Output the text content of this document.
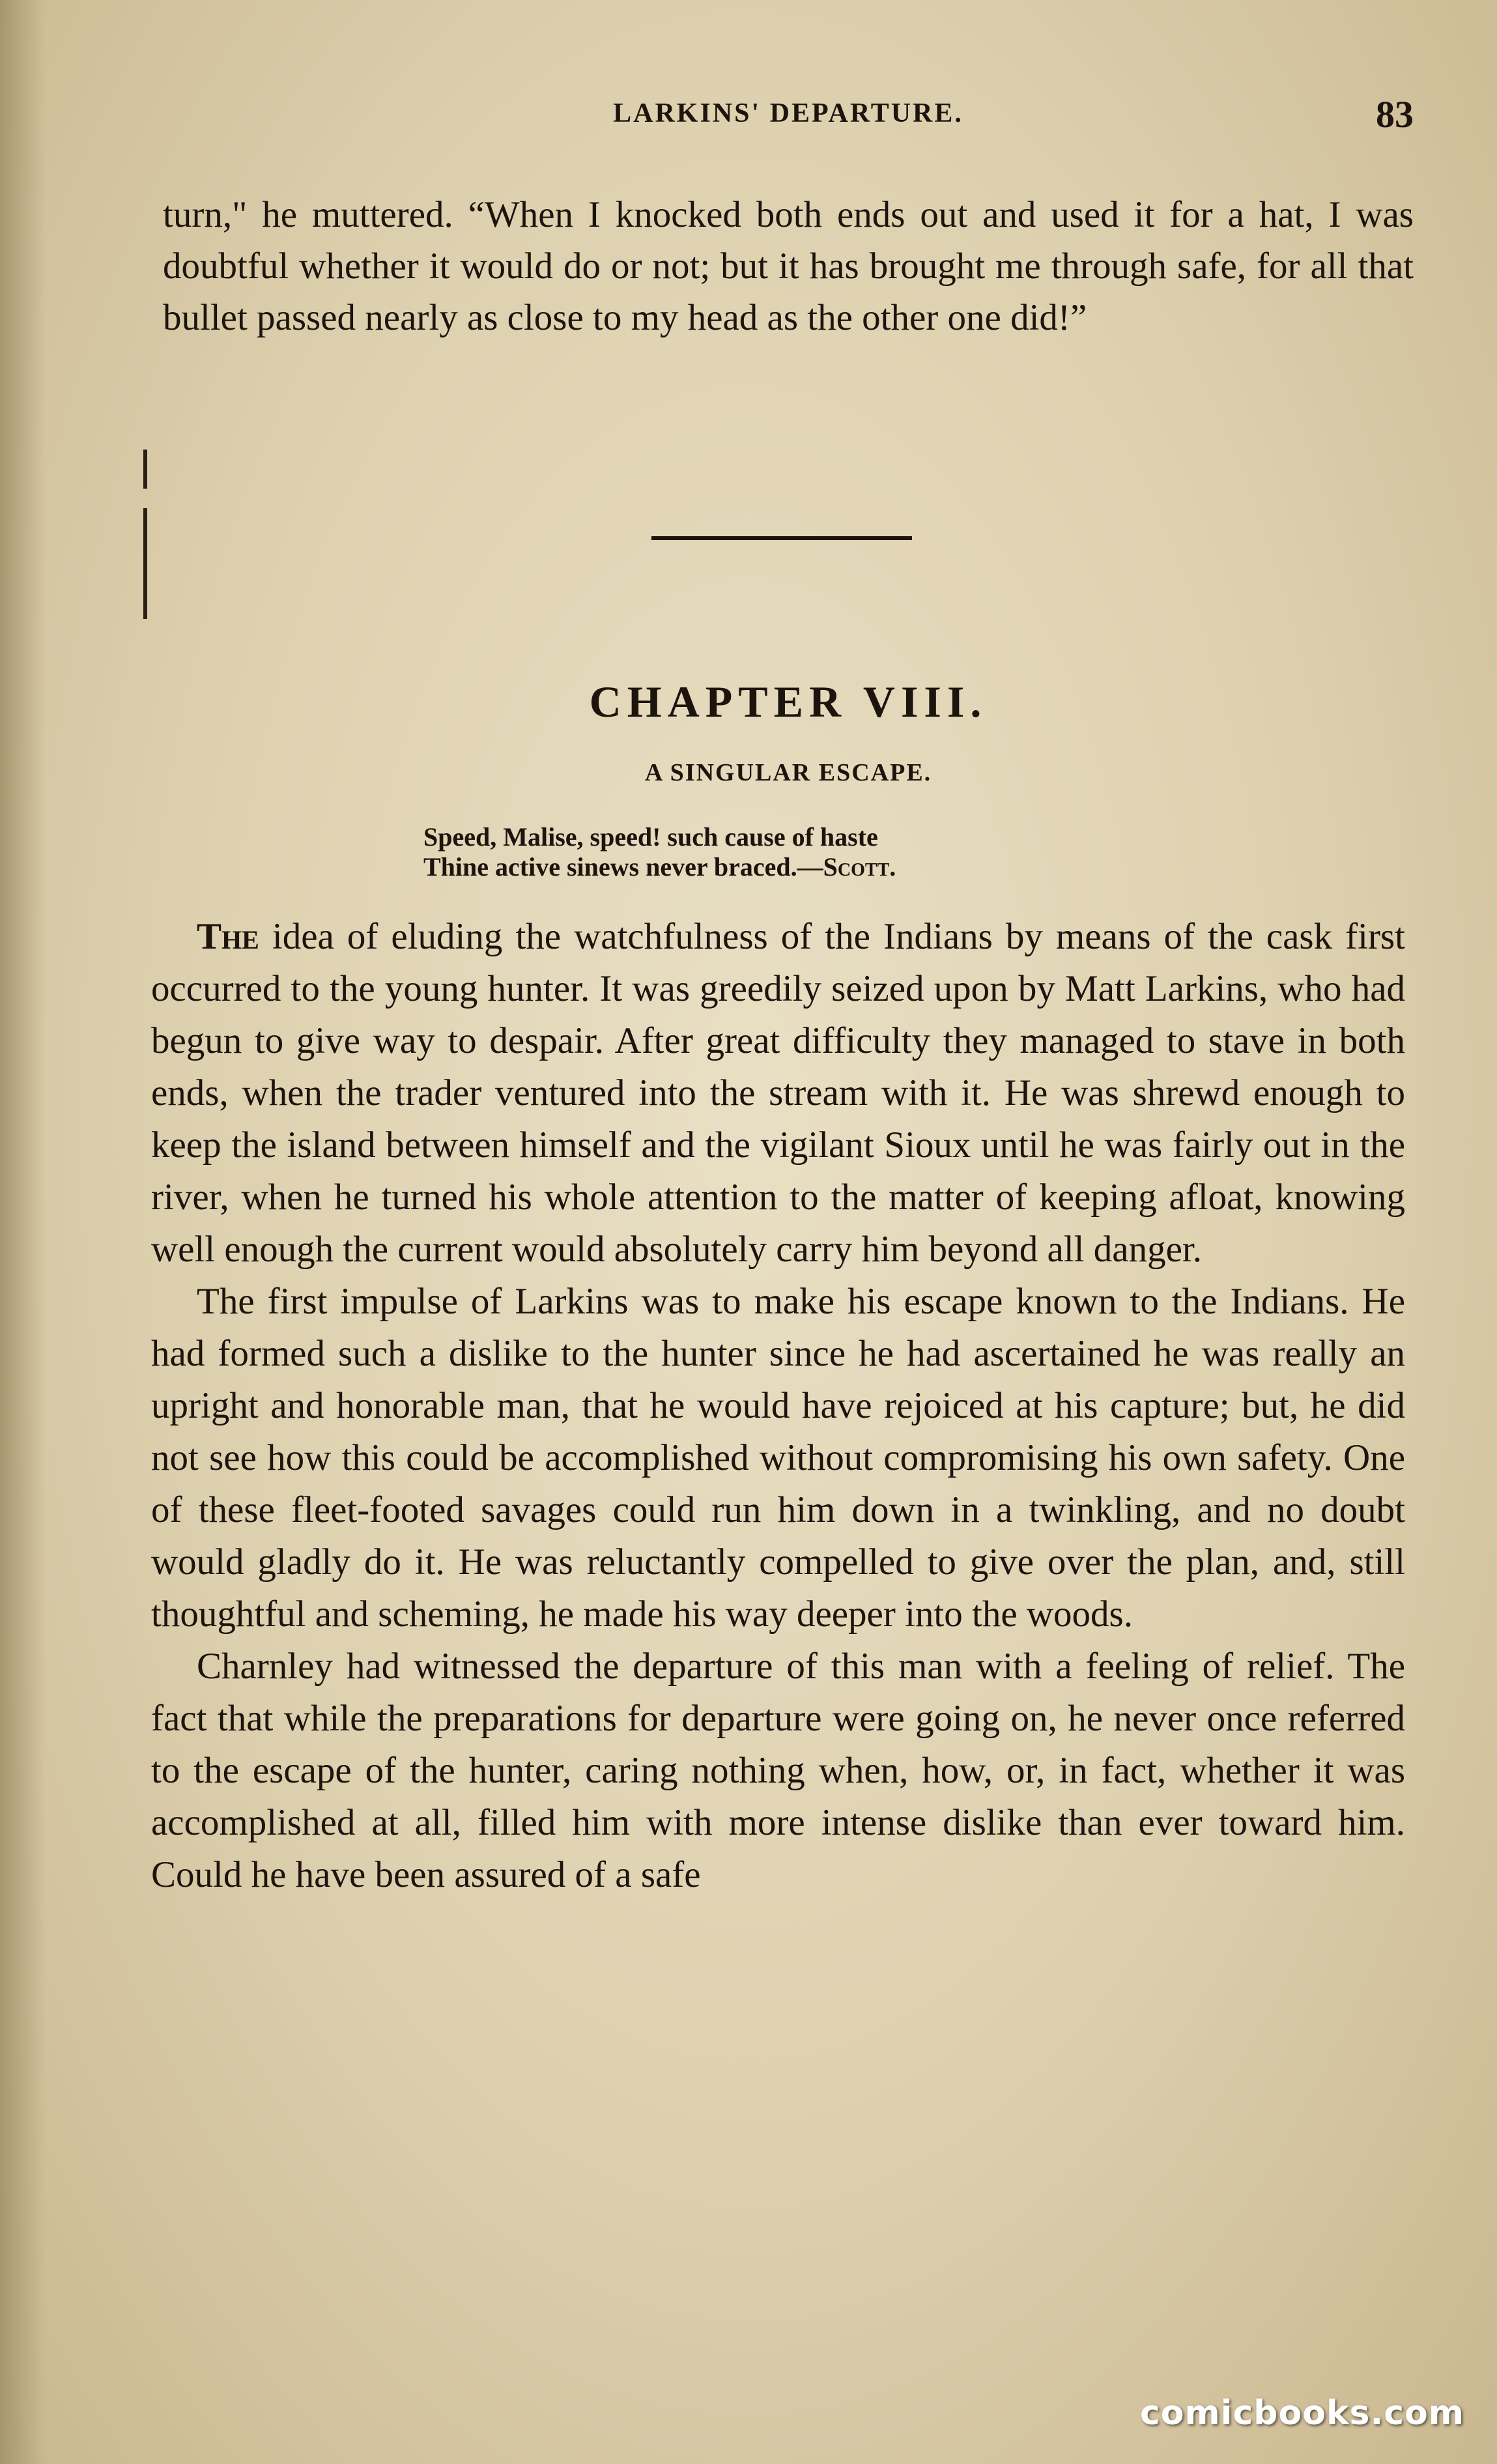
LARKINS' DEPARTURE.	83

turn," he muttered. “When I knocked both ends out and used it for a hat, I was doubtful whether it would do or not; but it has brought me through safe, for all that bullet passed nearly as close to my head as the other one did!”

CHAPTER VIII.
A SINGULAR ESCAPE.
Speed, Malise, speed! such cause of haste
Thine active sinews never braced.—Scott.

The idea of eluding the watchfulness of the Indians by means of the cask first occurred to the young hunter. It was greedily seized upon by Matt Larkins, who had begun to give way to despair. After great difficulty they managed to stave in both ends, when the trader ventured into the stream with it. He was shrewd enough to keep the island between himself and the vigilant Sioux until he was fairly out in the river, when he turned his whole attention to the matter of keeping afloat, knowing well enough the current would absolutely carry him beyond all danger.

The first impulse of Larkins was to make his escape known to the Indians. He had formed such a dislike to the hunter since he had ascertained he was really an upright and honorable man, that he would have rejoiced at his capture; but, he did not see how this could be accomplished without compromising his own safety. One of these fleet-footed savages could run him down in a twinkling, and no doubt would gladly do it. He was reluctantly compelled to give over the plan, and, still thoughtful and scheming, he made his way deeper into the woods.

Charnley had witnessed the departure of this man with a feeling of relief. The fact that while the preparations for departure were going on, he never once referred to the escape of the hunter, caring nothing when, how, or, in fact, whether it was accomplished at all, filled him with more intense dislike than ever toward him. Could he have been assured of a safe

comicbooks.com
